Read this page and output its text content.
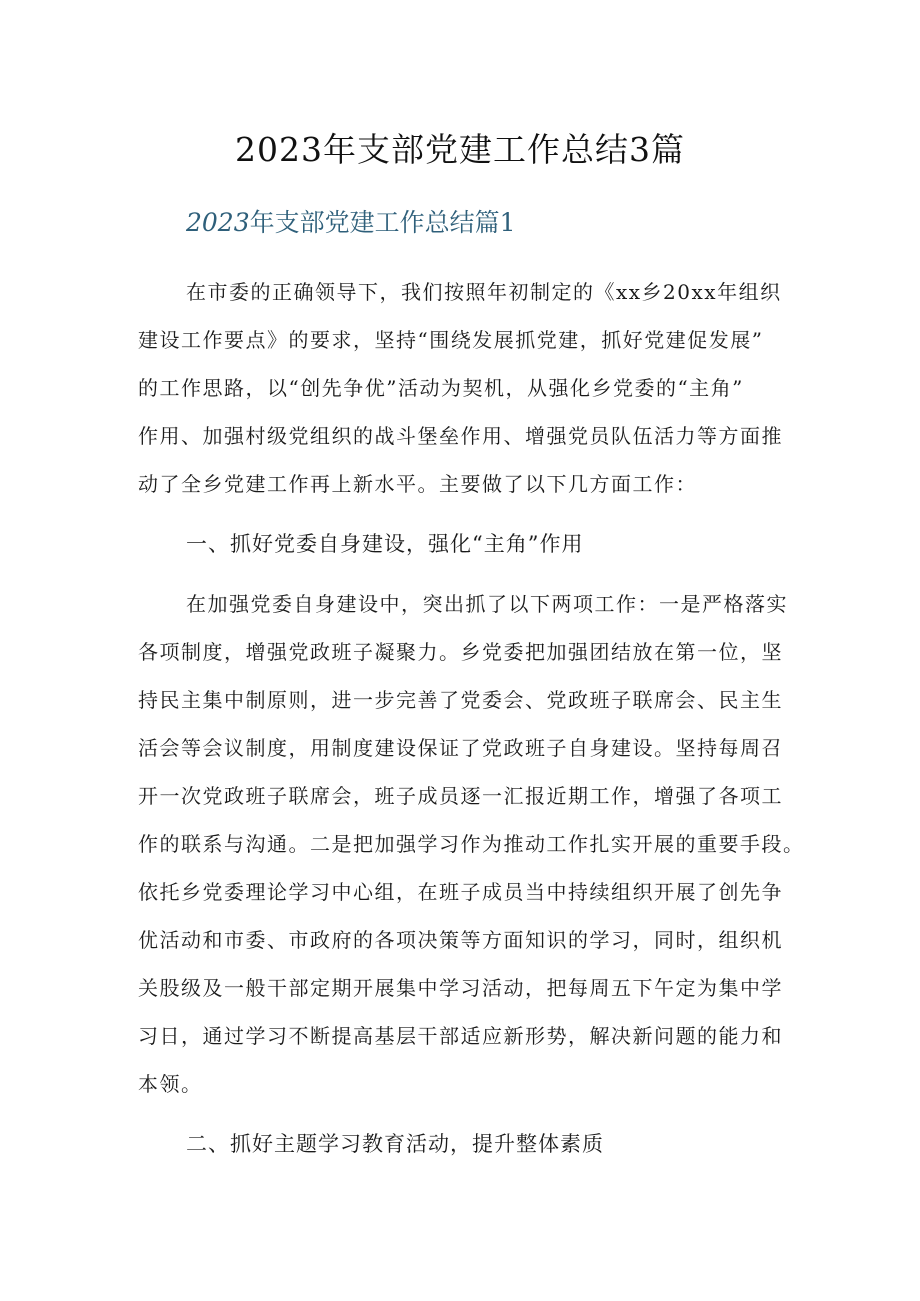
2023年支部党建工作总结3篇
2023年支部党建工作总结篇1
在市委的正确领导下，我们按照年初制定的《xx乡20xx年组织
建设工作要点》的要求，坚持“围绕发展抓党建，抓好党建促发展”
的工作思路，以“创先争优”活动为契机，从强化乡党委的“主角”
作用、加强村级党组织的战斗堡垒作用、增强党员队伍活力等方面推
动了全乡党建工作再上新水平。主要做了以下几方面工作：
一、抓好党委自身建设，强化“主角”作用
在加强党委自身建设中，突出抓了以下两项工作：一是严格落实
各项制度，增强党政班子凝聚力。乡党委把加强团结放在第一位，坚
持民主集中制原则，进一步完善了党委会、党政班子联席会、民主生
活会等会议制度，用制度建设保证了党政班子自身建设。坚持每周召
开一次党政班子联席会，班子成员逐一汇报近期工作，增强了各项工
作的联系与沟通。二是把加强学习作为推动工作扎实开展的重要手段。
依托乡党委理论学习中心组，在班子成员当中持续组织开展了创先争
优活动和市委、市政府的各项决策等方面知识的学习，同时，组织机
关股级及一般干部定期开展集中学习活动，把每周五下午定为集中学
习日，通过学习不断提高基层干部适应新形势，解决新问题的能力和
本领。
二、抓好主题学习教育活动，提升整体素质
